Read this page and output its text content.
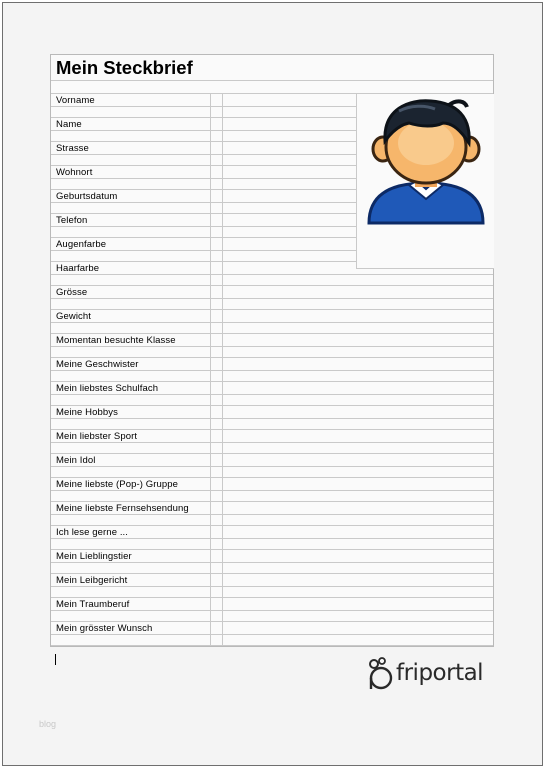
Mein Steckbrief
Vorname
Name
Strasse
Wohnort
Geburtsdatum
Telefon
Augenfarbe
Haarfarbe
Grösse
Gewicht
Momentan besuchte Klasse
Meine Geschwister
Mein liebstes Schulfach
Meine Hobbys
Mein liebster Sport
Mein Idol
Meine liebste (Pop-) Gruppe
Meine liebste Fernsehsendung
Ich lese gerne ...
Mein Lieblingstier
Mein Leibgericht
Mein Traumberuf
Mein grösster Wunsch
friportal
blog
